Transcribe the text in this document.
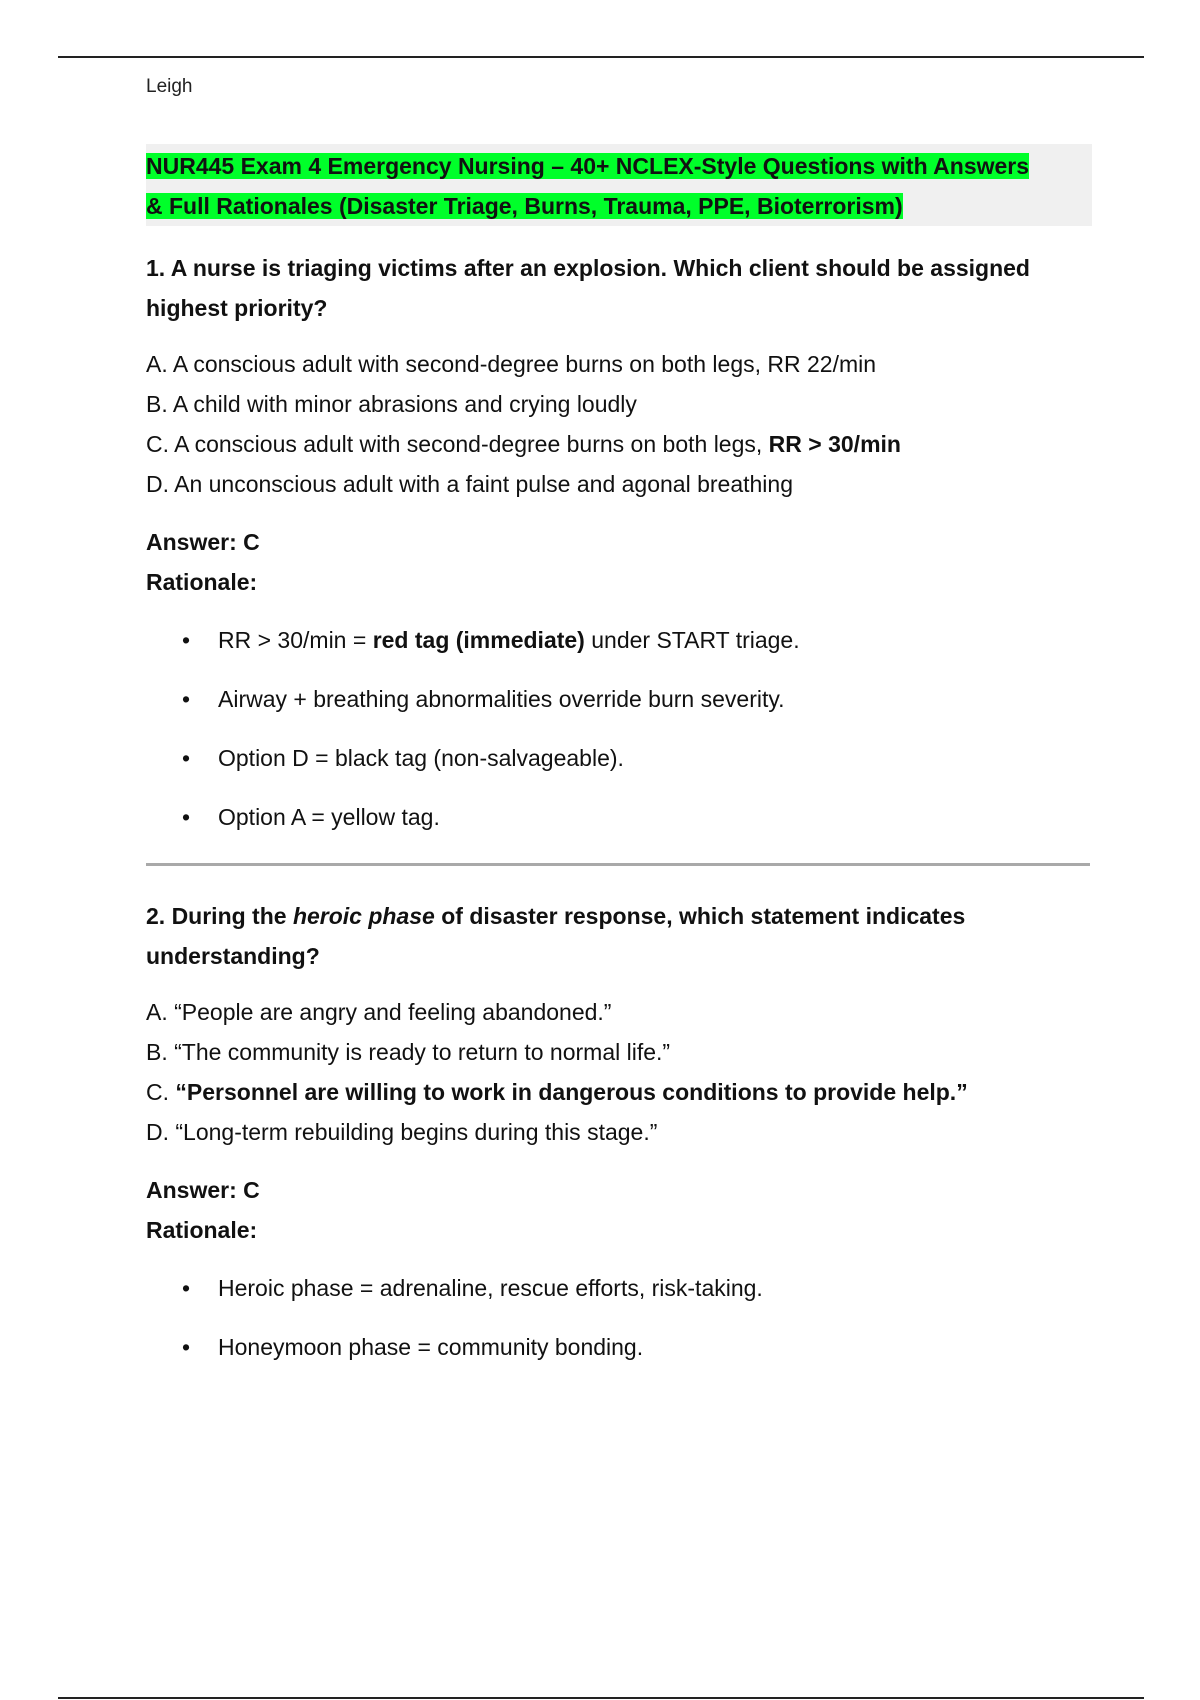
Leigh

NUR445 Exam 4 Emergency Nursing – 40+ NCLEX-Style Questions with Answers
& Full Rationales (Disaster Triage, Burns, Trauma, PPE, Bioterrorism)

1. A nurse is triaging victims after an explosion. Which client should be assigned highest priority?

A. A conscious adult with second-degree burns on both legs, RR 22/min
B. A child with minor abrasions and crying loudly
C. A conscious adult with second-degree burns on both legs, RR > 30/min
D. An unconscious adult with a faint pulse and agonal breathing

Answer: C

Rationale:

• RR > 30/min = red tag (immediate) under START triage.
• Airway + breathing abnormalities override burn severity.
• Option D = black tag (non-salvageable).
• Option A = yellow tag.

2. During the heroic phase of disaster response, which statement indicates understanding?

A. “People are angry and feeling abandoned.”
B. “The community is ready to return to normal life.”
C. “Personnel are willing to work in dangerous conditions to provide help.”
D. “Long-term rebuilding begins during this stage.”

Answer: C

Rationale:

• Heroic phase = adrenaline, rescue efforts, risk-taking.
• Honeymoon phase = community bonding.
